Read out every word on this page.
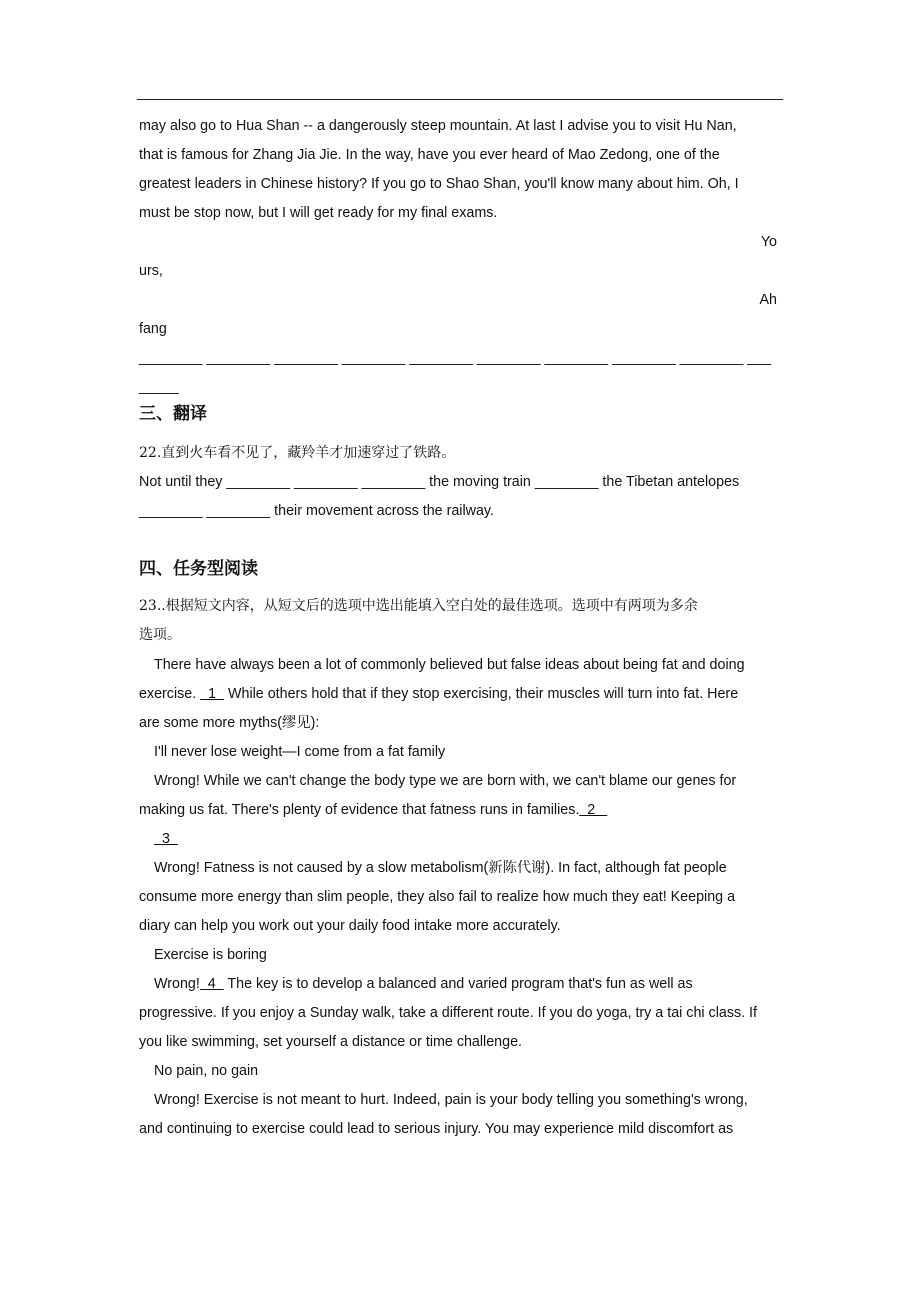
may also go to Hua Shan -- a dangerously steep mountain. At last I advise you to visit Hu Nan,
that is famous for Zhang Jia Jie. In the way, have you ever heard of Mao Zedong, one of the
greatest leaders in Chinese history? If you go to Shao Shan, you'll know many about him. Oh, I
must be stop now, but I will get ready for my final exams.
Yo
urs,
Ah
fang
________ ________ ________ ________ ________ ________ ________ ________ ________ ___
_____
三、翻译
22.直到火车看不见了，藏羚羊才加速穿过了铁路。
Not until they ________ ________ ________ the moving train ________ the Tibetan antelopes
________ ________ their movement across the railway.
四、任务型阅读
23..根据短文内容，从短文后的选项中选出能填入空白处的最佳选项。选项中有两项为多余
选项。
There have always been a lot of commonly believed but false ideas about being fat and doing
exercise.   1   While others hold that if they stop exercising, their muscles will turn into fat. Here
are some more myths(缪见):
I'll never lose weight—I come from a fat family
Wrong! While we can't change the body type we are born with, we can't blame our genes for
making us fat. There's plenty of evidence that fatness runs in families.  2
3
Wrong! Fatness is not caused by a slow metabolism(新陈代谢). In fact, although fat people
consume more energy than slim people, they also fail to realize how much they eat! Keeping a
diary can help you work out your daily food intake more accurately.
Exercise is boring
Wrong!  4   The key is to develop a balanced and varied program that's fun as well as
progressive. If you enjoy a Sunday walk, take a different route. If you do yoga, try a tai chi class. If
you like swimming, set yourself a distance or time challenge.
No pain, no gain
Wrong! Exercise is not meant to hurt. Indeed, pain is your body telling you something's wrong,
and continuing to exercise could lead to serious injury. You may experience mild discomfort as
